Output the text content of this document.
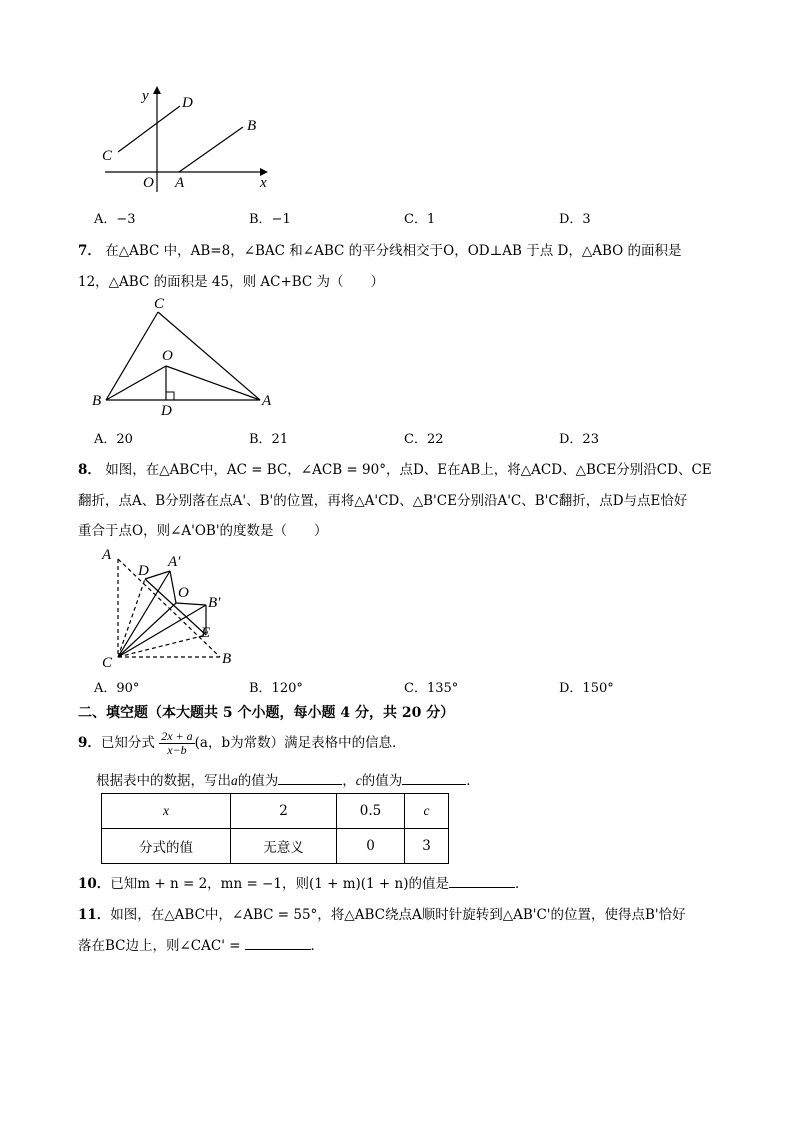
y
x
D
B
C
O A
A．−3	B．−1	C．1	D．3
7． 在△ABC 中，AB=8，∠BAC 和∠ABC 的平分线相交于O，OD⊥AB 于点 D，△ABO 的面积是
12，△ABC 的面积是 45，则 AC+BC 为（　　）
C
O
B
D
A
A．20	B．21	C．22	D．23
8． 如图，在△ABC中，AC = BC，∠ACB = 90°，点D、E在AB上，将△ACD、△BCE分别沿CD、CE
翻折，点A、B分别落在点A'、B'的位置，再将△A'CD、△B'CE分别沿A'C、B'C翻折，点D与点E恰好
重合于点O，则∠A'OB'的度数是（　　）
A
D
A′
O
B′
E
C	B
A．90°	B．120°	C．135°	D．150°
二、填空题（本大题共 5 个小题，每小题 4 分，共 20 分）
9．已知分式 $\frac{2x + a}{x-b} (a$，b为常数）满足表格中的信息．
根据表中的数据，写出a的值为	，c的值为	．
x	2	0.5	c
分式的值	无意义	0	3
10．已知m + n = 2，mn = −1，则(1 + m)(1 + n)的值是	．
11．如图，在△ABC中，∠ABC = 55°，将△ABC绕点A顺时针旋转到△AB'C'的位置，使得点B'恰好
落在BC边上，则∠CAC' =	．
